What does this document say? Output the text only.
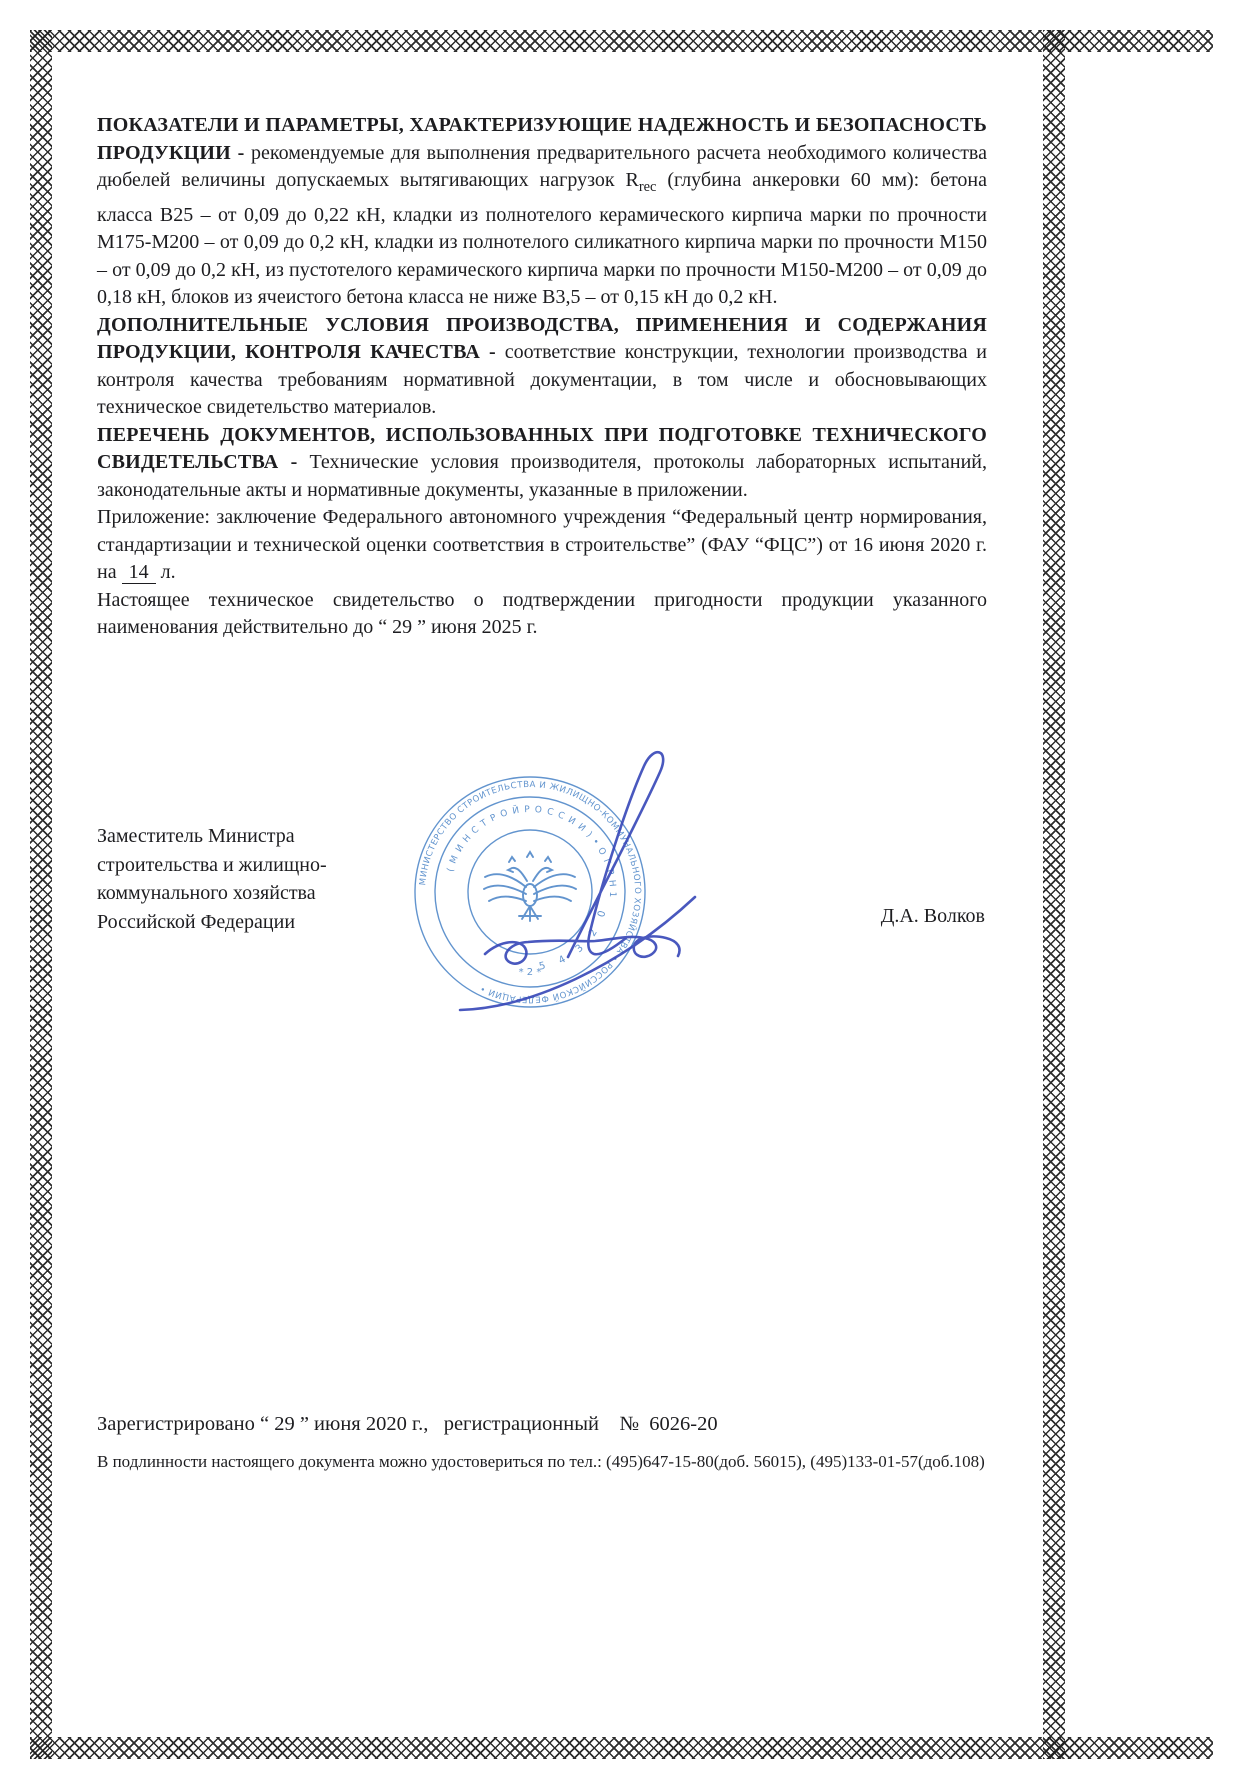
ПОКАЗАТЕЛИ И ПАРАМЕТРЫ, ХАРАКТЕРИЗУЮЩИЕ НАДЕЖНОСТЬ И БЕЗОПАСНОСТЬ ПРОДУКЦИИ - рекомендуемые для выполнения предварительного расчета необходимого количества дюбелей величины допускаемых вытягивающих нагрузок $R_{rec}$ (глубина анкеровки 60 мм): бетона класса В25 – от 0,09 до 0,22 кН, кладки из полнотелого керамического кирпича марки по прочности М175-М200 – от 0,09 до 0,2 кН, кладки из полнотелого силикатного кирпича марки по прочности М150 – от 0,09 до 0,2 кН, из пустотелого керамического кирпича марки по прочности М150-М200 – от 0,09 до 0,18 кН, блоков из ячеистого бетона класса не ниже В3,5 – от 0,15 кН до 0,2 кН.

ДОПОЛНИТЕЛЬНЫЕ УСЛОВИЯ ПРОИЗВОДСТВА, ПРИМЕНЕНИЯ И СОДЕРЖАНИЯ ПРОДУКЦИИ, КОНТРОЛЯ КАЧЕСТВА - соответствие конструкции, технологии производства и контроля качества требованиям нормативной документации, в том числе и обосновывающих техническое свидетельство материалов.

ПЕРЕЧЕНЬ ДОКУМЕНТОВ, ИСПОЛЬЗОВАННЫХ ПРИ ПОДГОТОВКЕ ТЕХНИЧЕСКОГО СВИДЕТЕЛЬСТВА - Технические условия производителя, протоколы лабораторных испытаний, законодательные акты и нормативные документы, указанные в приложении.

Приложение: заключение Федерального автономного учреждения “Федеральный центр нормирования, стандартизации и технической оценки соответствия в строительстве” (ФАУ “ФЦС”) от 16 июня 2020 г. на 14 л.

Настоящее техническое свидетельство о подтверждении пригодности продукции указанного наименования действительно до “ 29 ” июня 2025 г.

Заместитель Министра
строительства и жилищно-
коммунального хозяйства
Российской Федерации
МИНИСТЕРСТВО СТРОИТЕЛЬСТВА И ЖИЛИЩНО-КОММУНАЛЬНОГО ХОЗЯЙСТВА • РОССИЙСКОЙ ФЕДЕРАЦИИ •
( М И Н С Т Р О Й Р О С С И И ) • О Г Р Н 1
5 4 3 2 0
* 2 *
Д.А. Волков
Зарегистрировано “ 29 ” июня 2020 г.,   регистрационный    №  6026-20
В подлинности настоящего документа можно удостовериться по тел.: (495)647-15-80(доб. 56015), (495)133-01-57(доб.108)
